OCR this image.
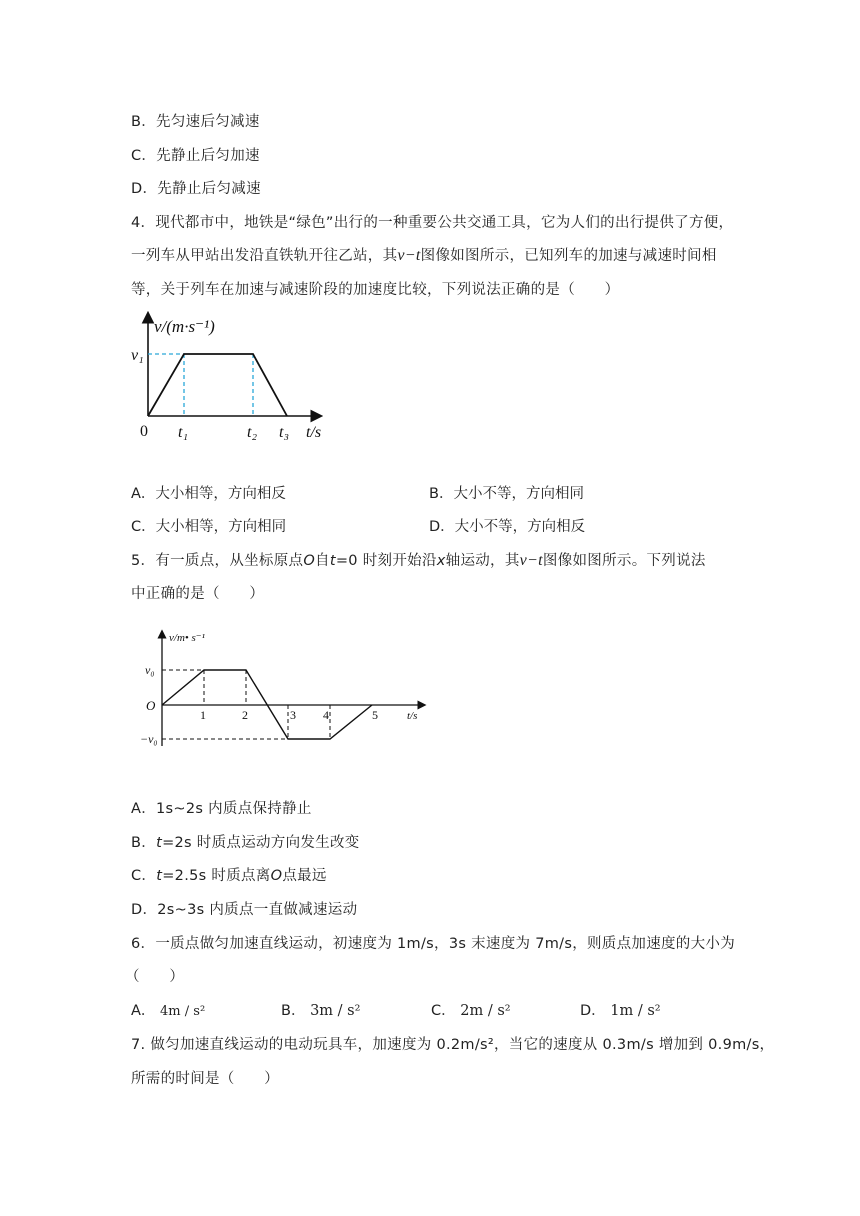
B．先匀速后匀减速
C．先静止后匀加速
D．先静止后匀减速
4．现代都市中，地铁是“绿色”出行的一种重要公共交通工具，它为人们的出行提供了方便，
一列车从甲站出发沿直铁轨开往乙站，其v−t图像如图所示，已知列车的加速与减速时间相
等，关于列车在加速与减速阶段的加速度比较，下列说法正确的是（　　）
v/(m·s⁻¹)
v₁
0 t₁	t₂ t₃ t/s
A．大小相等，方向相反	B．大小不等，方向相同
C．大小相等，方向相同	D．大小不等，方向相反
5．有一质点，从坐标原点O自t=0 时刻开始沿x轴运动，其v−t图像如图所示。下列说法
中正确的是（　　）
v/m• s⁻¹
v₀
O
−v₀
1	2	3 4	5	t/s
A．1s~2s 内质点保持静止
B．t=2s 时质点运动方向发生改变
C．t=2.5s 时质点离O点最远
D．2s~3s 内质点一直做减速运动
6．一质点做匀加速直线运动，初速度为 1m/s，3s 末速度为 7m/s，则质点加速度的大小为
（　　）
A． 4m / s²	B． 3m / s²	C． 2m / s²	D． 1m / s²
7. 做匀加速直线运动的电动玩具车，加速度为 0.2m/s²，当它的速度从 0.3m/s 增加到 0.9m/s，
所需的时间是（　　）
